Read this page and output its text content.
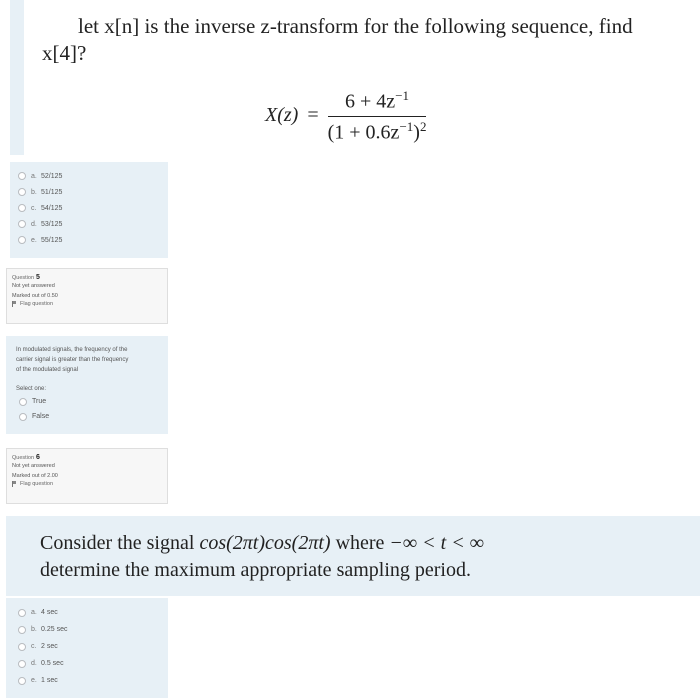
let x[n] is the inverse z-transform for the following sequence, find
x[4]?
$X(z) = \frac{6 + 4z^{-1}}{(1 + 0.6z^{-1})^2}$
a. 52/125
b. 51/125
c. 54/125
d. 53/125
e. 55/125
Question 5
Not yet answered
Marked out of 0.50
Flag question
In modulated signals, the frequency of the
carrier signal is greater than the frequency
of the modulated signal
Select one:
True
False
Question 6
Not yet answered
Marked out of 2.00
Flag question
Consider the signal cos(2πt)cos(2πt) where −∞ < t < ∞
determine the maximum appropriate sampling period.
a. 4 sec
b. 0.25 sec
c. 2 sec
d. 0.5 sec
e. 1 sec
